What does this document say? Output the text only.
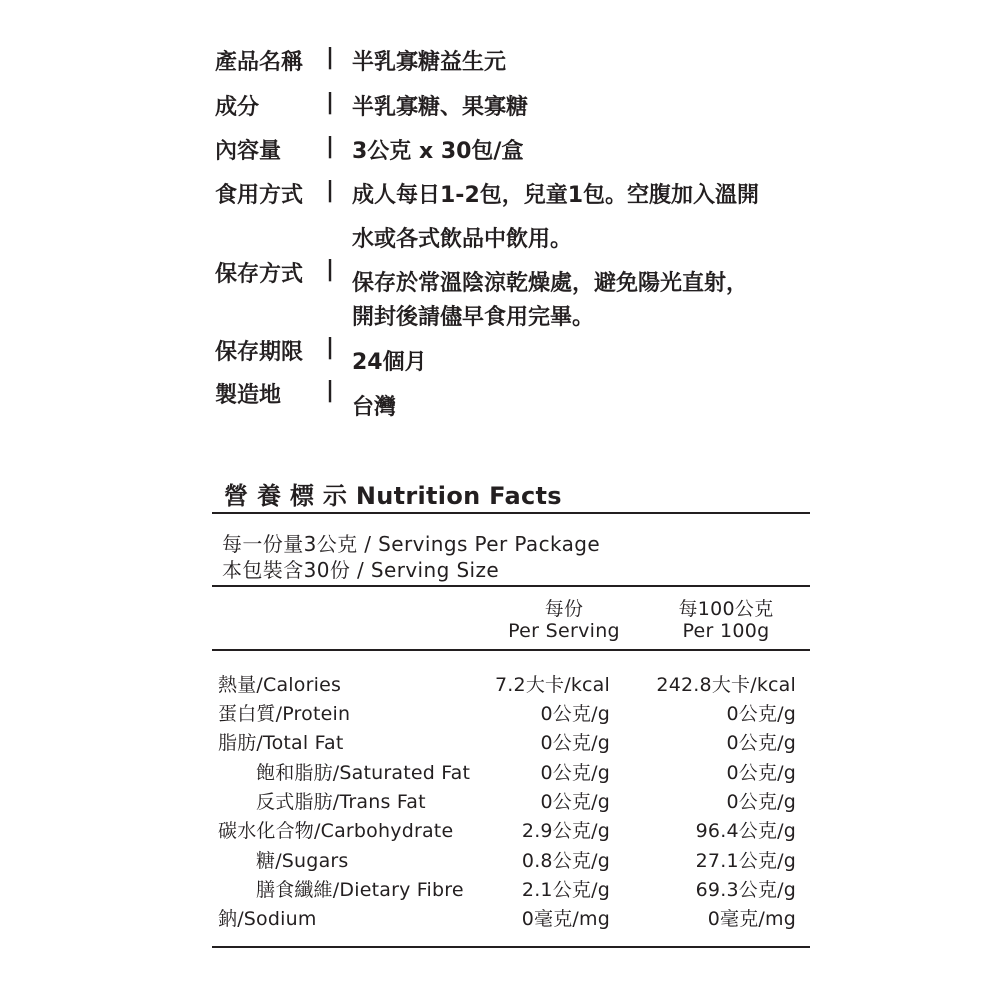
產品名稱 | 半乳寡糖益生元
成分	| 半乳寡糖、果寡糖
內容量 | 3公克 x 30包/盒
食用方式 | 成人每日1-2包，兒童1包。空腹加入溫開
水或各式飲品中飲用。
保存方式 |
保存於常溫陰涼乾燥處，避免陽光直射，
開封後請儘早食用完畢。
保存期限 |
24個月
製造地 |
台灣
營 養 標 示 Nutrition Facts
每一份量3公克 / Servings Per Package
本包裝含30份 / Serving Size
每份
Per Serving
每100公克
Per 100g
熱量/Calories	7.2大卡/kcal 242.8大卡/kcal
蛋白質/Protein	0公克/g	0公克/g
脂肪/Total Fat	0公克/g	0公克/g
飽和脂肪/Saturated Fat	0公克/g	0公克/g
反式脂肪/Trans Fat	0公克/g	0公克/g
碳水化合物/Carbohydrate	2.9公克/g	96.4公克/g
糖/Sugars	0.8公克/g	27.1公克/g
膳食纖維/Dietary Fibre	2.1公克/g	69.3公克/g
鈉/Sodium	0毫克/mg	0毫克/mg
